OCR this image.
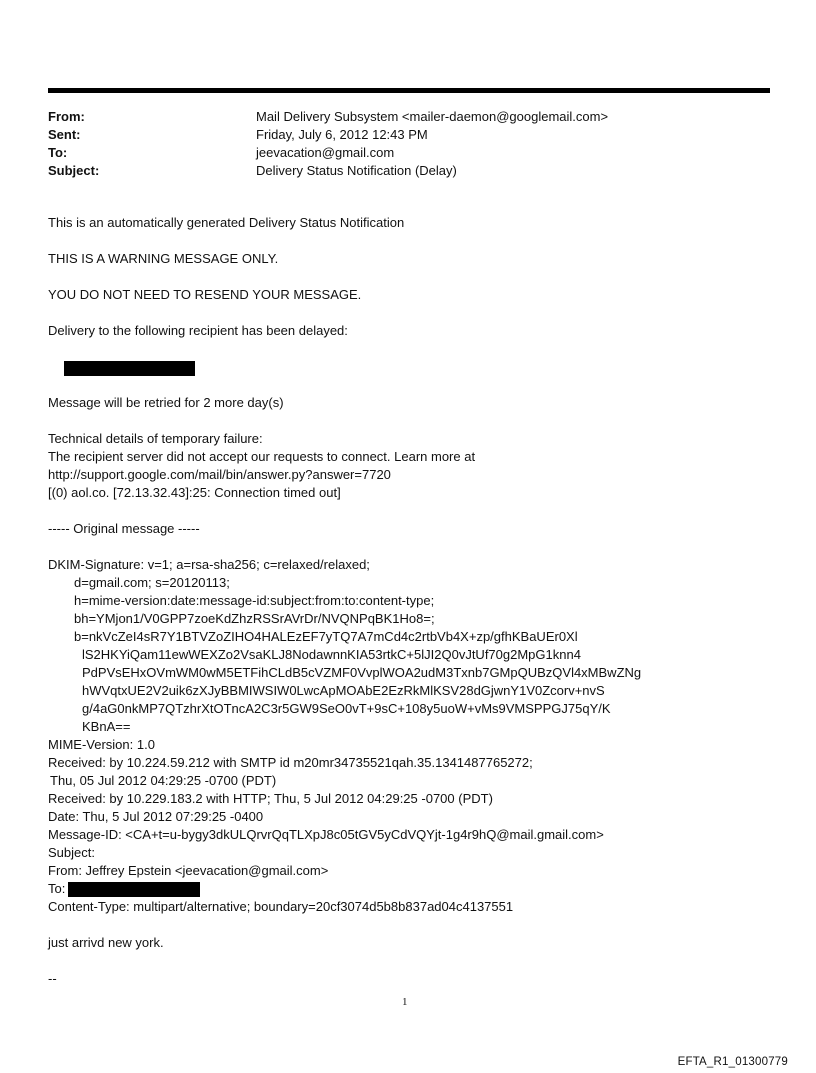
From:	Mail Delivery Subsystem <mailer-daemon@googlemail.com>
Sent:	Friday, July 6, 2012 12:43 PM
To:	jeevacation@gmail.com
Subject:	Delivery Status Notification (Delay)

This is an automatically generated Delivery Status Notification

THIS IS A WARNING MESSAGE ONLY.

YOU DO NOT NEED TO RESEND YOUR MESSAGE.

Delivery to the following recipient has been delayed:

Message will be retried for 2 more day(s)

Technical details of temporary failure:

The recipient server did not accept our requests to connect. Learn more at

http://support.google.com/mail/bin/answer.py?answer=7720

[(0) aol.co. [72.13.32.43]:25: Connection timed out]

----- Original message -----

DKIM-Signature: v=1; a=rsa-sha256; c=relaxed/relaxed;

d=gmail.com; s=20120113;

h=mime-version:date:message-id:subject:from:to:content-type;

bh=YMjon1/V0GPP7zoeKdZhzRSSrAVrDr/NVQNPqBK1Ho8=;

b=nkVcZeI4sR7Y1BTVZoZIHO4HALEzEF7yTQ7A7mCd4c2rtbVb4X+zp/gfhKBaUEr0Xl

lS2HKYiQam11ewWEXZo2VsaKLJ8NodawnnKIA53rtkC+5lJI2Q0vJtUf70g2MpG1knn4

PdPVsEHxOVmWM0wM5ETFihCLdB5cVZMF0VvplWOA2udM3Txnb7GMpQUBzQVl4xMBwZNg

hWVqtxUE2V2uik6zXJyBBMIWSIW0LwcApMOAbE2EzRkMlKSV28dGjwnY1V0Zcorv+nvS

g/4aG0nkMP7QTzhrXtOTncA2C3r5GW9SeO0vT+9sC+108y5uoW+vMs9VMSPPGJ75qY/K

KBnA==

MIME-Version: 1.0

Received: by 10.224.59.212 with SMTP id m20mr34735521qah.35.1341487765272;

Thu, 05 Jul 2012 04:29:25 -0700 (PDT)

Received: by 10.229.183.2 with HTTP; Thu, 5 Jul 2012 04:29:25 -0700 (PDT)

Date: Thu, 5 Jul 2012 07:29:25 -0400

Message-ID: <CA+t=u-bygy3dkULQrvrQqTLXpJ8c05tGV5yCdVQYjt-1g4r9hQ@mail.gmail.com>

Subject:

From: Jeffrey Epstein <jeevacation@gmail.com>

To:

Content-Type: multipart/alternative; boundary=20cf3074d5b8b837ad04c4137551

just arrivd new york.

--

1
EFTA_R1_01300779
